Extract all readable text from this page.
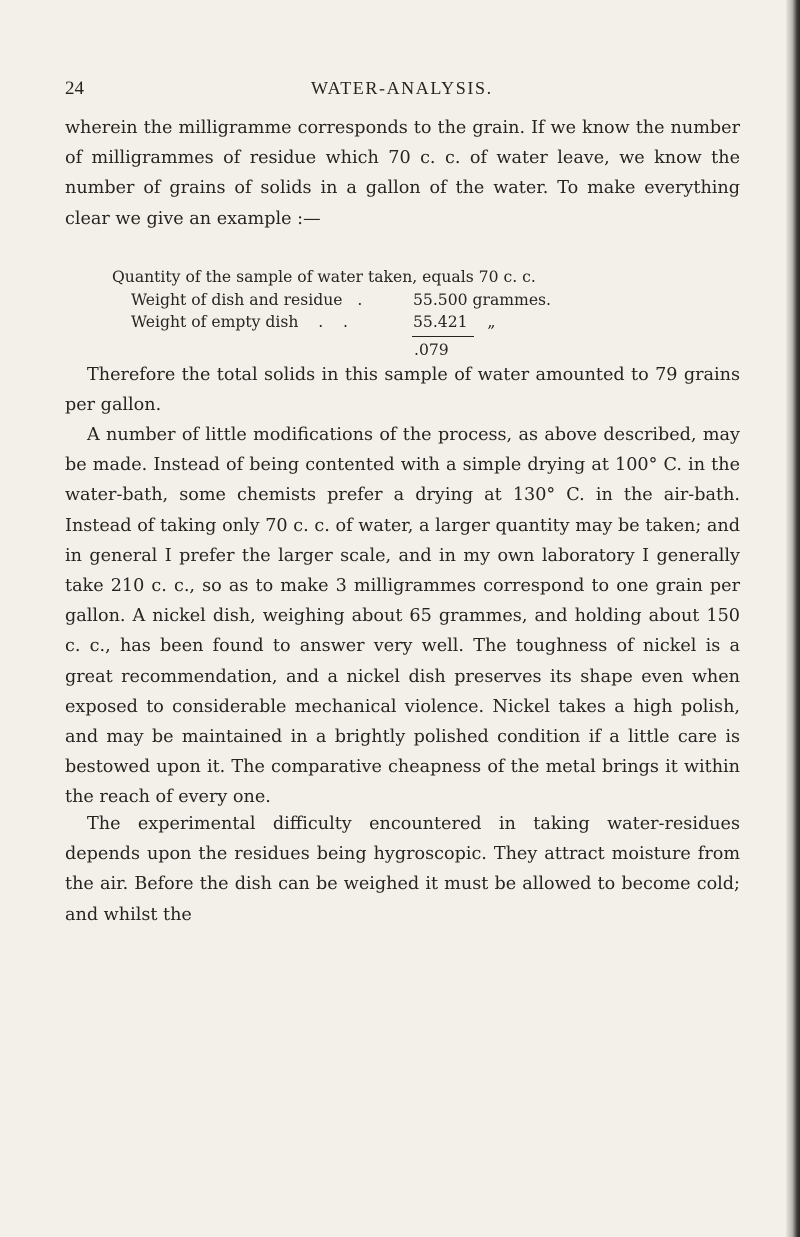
24	WATER-ANALYSIS.

wherein the milligramme corresponds to the grain. If we know the number of milligrammes of residue which 70 c. c. of water leave, we know the number of grains of solids in a gallon of the water. To make everything clear we give an example :—

Quantity of the sample of water taken, equals 70 c. c.
Weight of dish and residue   .	55.500 grammes.
Weight of empty dish    .    .	55.421    „
.079

Therefore the total solids in this sample of water amounted to 79 grains per gallon.

A number of little modifications of the process, as above described, may be made. Instead of being contented with a simple drying at 100° C. in the water-bath, some chemists prefer a drying at 130° C. in the air-bath. Instead of taking only 70 c. c. of water, a larger quantity may be taken; and in general I prefer the larger scale, and in my own laboratory I generally take 210 c. c., so as to make 3 milligrammes correspond to one grain per gallon. A nickel dish, weighing about 65 grammes, and holding about 150 c. c., has been found to answer very well. The toughness of nickel is a great recommendation, and a nickel dish preserves its shape even when exposed to considerable mechanical violence. Nickel takes a high polish, and may be maintained in a brightly polished condition if a little care is bestowed upon it. The comparative cheapness of the metal brings it within the reach of every one.

The experimental difficulty encountered in taking water-residues depends upon the residues being hygroscopic. They attract moisture from the air. Before the dish can be weighed it must be allowed to become cold; and whilst the
